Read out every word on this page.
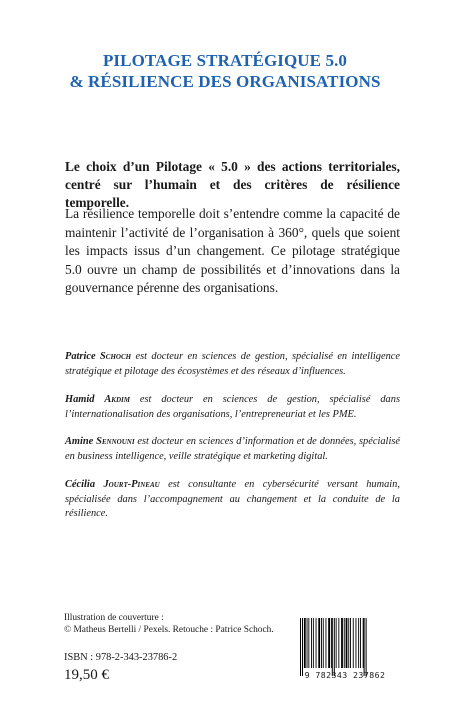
PILOTAGE STRATÉGIQUE 5.0
& RÉSILIENCE DES ORGANISATIONS
Le choix d’un Pilotage « 5.0 » des actions territoriales, centré sur l’humain et des critères de résilience temporelle.
La résilience temporelle doit s’entendre comme la capacité de maintenir l’activité de l’organisation à 360°, quels que soient les impacts issus d’un changement. Ce pilotage stratégique 5.0 ouvre un champ de possibilités et d’innovations dans la gouvernance pérenne des organisations.
Patrice Schoch est docteur en sciences de gestion, spécialisé en intelligence stratégique et pilotage des écosystèmes et des réseaux d’influences.
Hamid Akdim est docteur en sciences de gestion, spécialisé dans l’internationalisation des organisations, l’entrepreneuriat et les PME.
Amine Sennouni est docteur en sciences d’information et de données, spécialisé en business intelligence, veille stratégique et marketing digital.
Cécilia Jourt-Pineau est consultante en cybersécurité versant humain, spécialisée dans l’accompagnement au changement et la conduite de la résilience.
Illustration de couverture :
© Matheus Bertelli / Pexels. Retouche : Patrice Schoch.
ISBN : 978-2-343-23786-2
19,50 €	9 782343 237862
